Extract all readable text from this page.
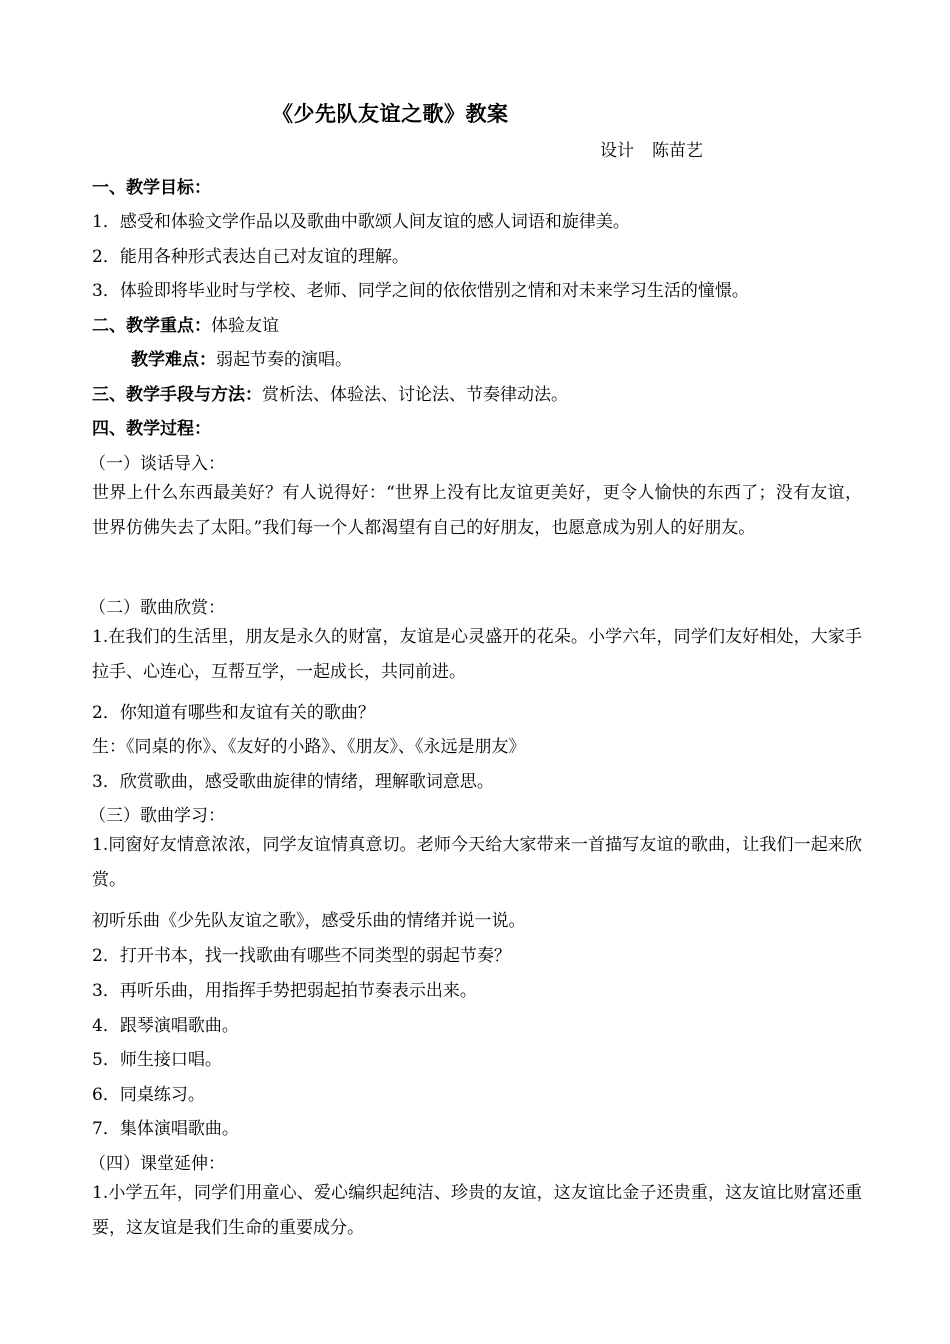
《少先队友谊之歌》教案
设计 陈苗艺
一、教学目标：
1．感受和体验文学作品以及歌曲中歌颂人间友谊的感人词语和旋律美。
2．能用各种形式表达自己对友谊的理解。
3．体验即将毕业时与学校、老师、同学之间的依依惜别之情和对未来学习生活的憧憬。
二、教学重点：体验友谊
教学难点：弱起节奏的演唱。
三、教学手段与方法：赏析法、体验法、讨论法、节奏律动法。
四、教学过程：
（一）谈话导入：
世界上什么东西最美好？有人说得好：“世界上没有比友谊更美好，更令人愉快的东西了；没有友谊，世界仿佛失去了太阳。”我们每一个人都渴望有自己的好朋友，也愿意成为别人的好朋友。
（二）歌曲欣赏：
1.在我们的生活里，朋友是永久的财富，友谊是心灵盛开的花朵。小学六年，同学们友好相处，大家手拉手、心连心，互帮互学，一起成长，共同前进。
2．你知道有哪些和友谊有关的歌曲？
生：《同桌的你》、《友好的小路》、《朋友》、《永远是朋友》
3．欣赏歌曲，感受歌曲旋律的情绪，理解歌词意思。
（三）歌曲学习：
1.同窗好友情意浓浓，同学友谊情真意切。老师今天给大家带来一首描写友谊的歌曲，让我们一起来欣赏。
初听乐曲《少先队友谊之歌》，感受乐曲的情绪并说一说。
2．打开书本，找一找歌曲有哪些不同类型的弱起节奏？
3．再听乐曲，用指挥手势把弱起拍节奏表示出来。
4．跟琴演唱歌曲。
5．师生接口唱。
6．同桌练习。
7．集体演唱歌曲。
（四）课堂延伸：
1.小学五年，同学们用童心、爱心编织起纯洁、珍贵的友谊，这友谊比金子还贵重，这友谊比财富还重要，这友谊是我们生命的重要成分。
